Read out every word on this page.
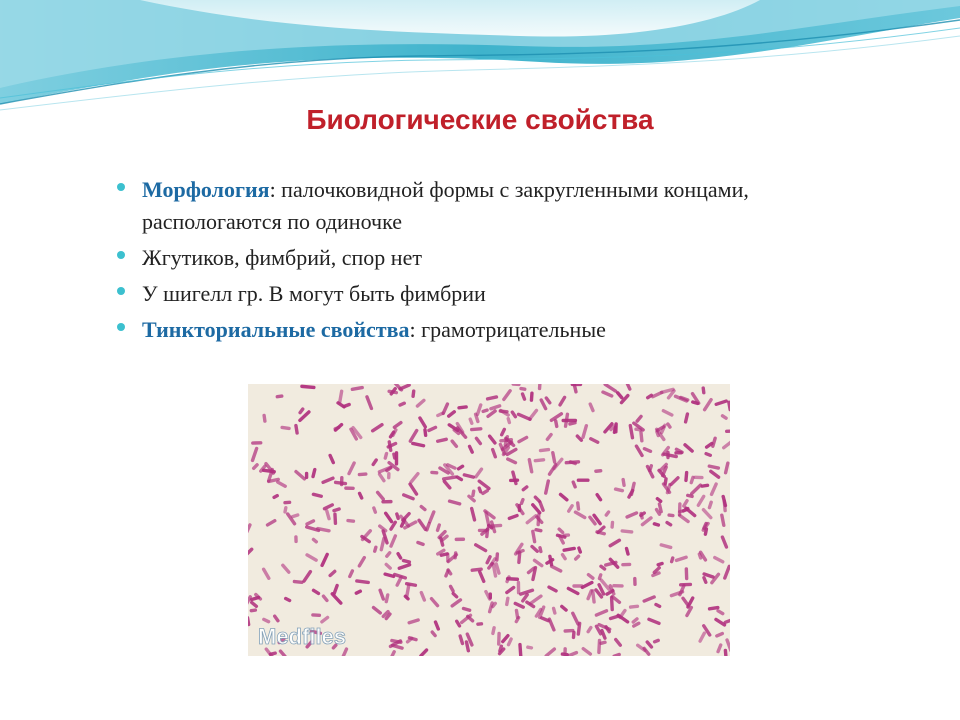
Биологические свойства
Морфология: палочковидной формы с закругленными концами, распологаются по одиночке
Жгутиков, фимбрий, спор нет
У шигелл гр. В могут быть фимбрии
Тинкториальные свойства: грамотрицательные
Medfiles
